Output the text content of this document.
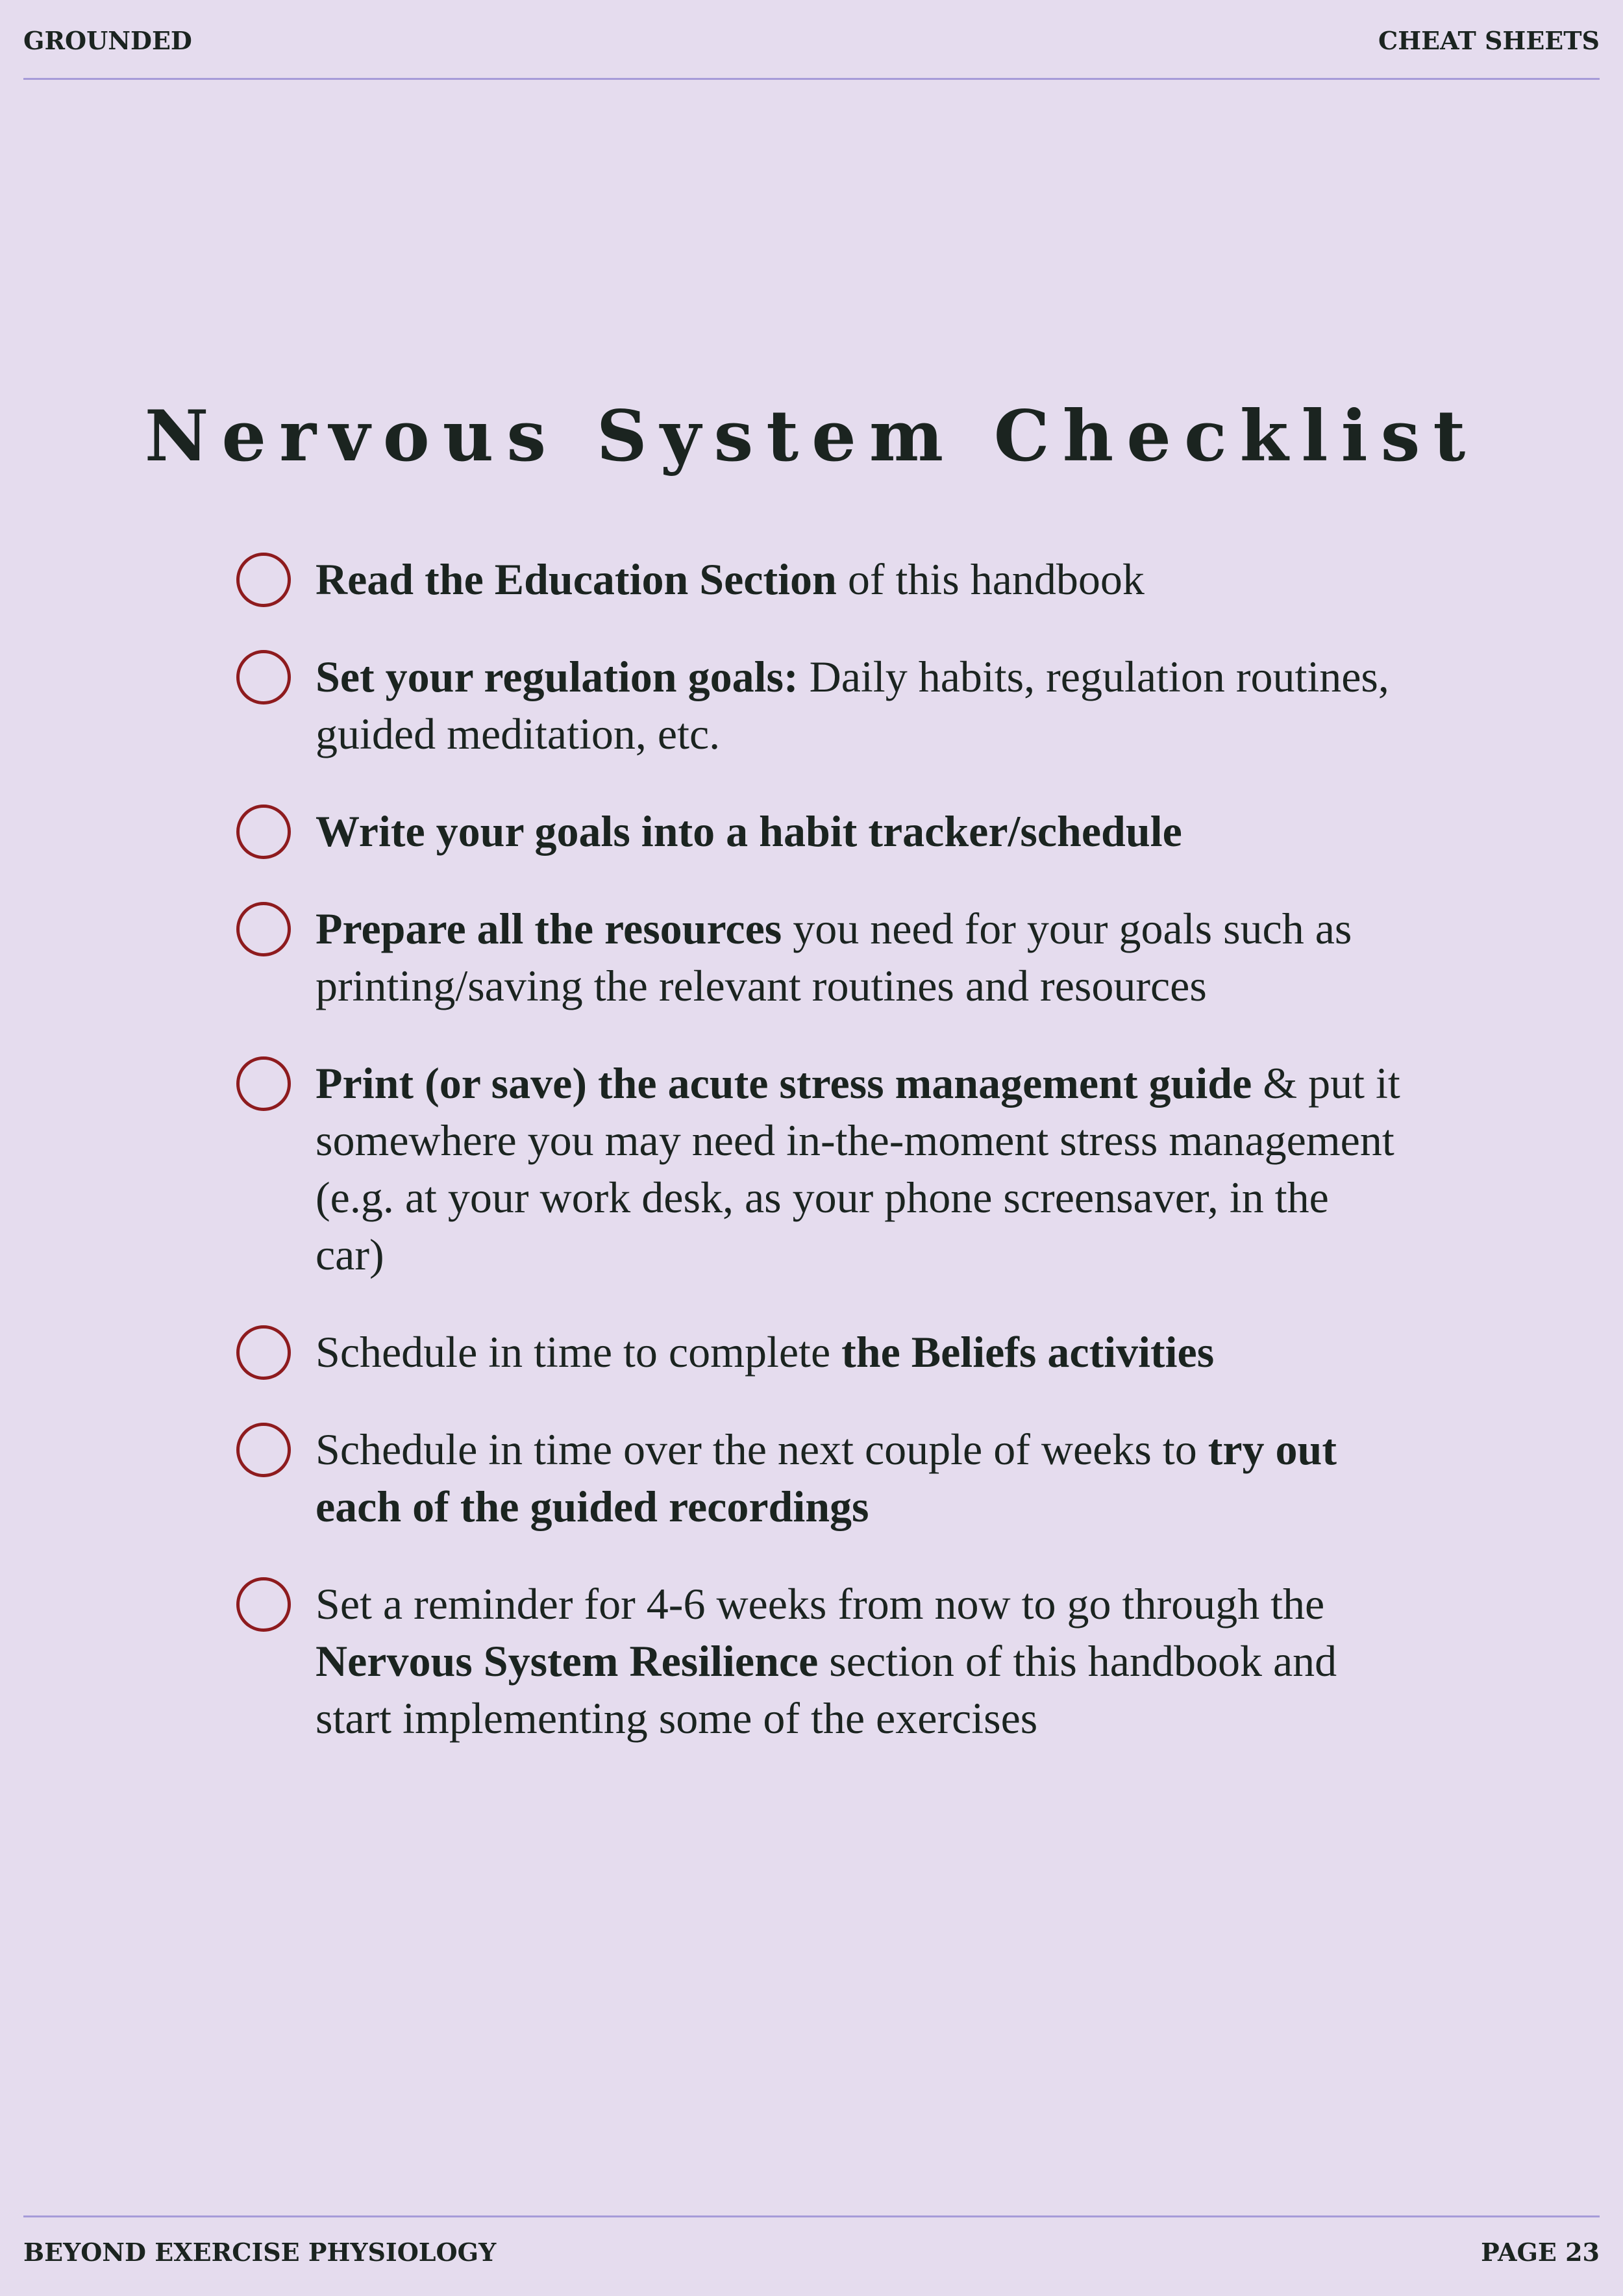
GROUNDED	CHEAT SHEETS
Nervous System Checklist
Read the Education Section of this handbook
Set your regulation goals: Daily habits, regulation routines, guided meditation, etc.
Write your goals into a habit tracker/schedule
Prepare all the resources you need for your goals such as printing/saving the relevant routines and resources
Print (or save) the acute stress management guide & put it somewhere you may need in-the-moment stress management (e.g. at your work desk, as your phone screensaver, in the car)
Schedule in time to complete the Beliefs activities
Schedule in time over the next couple of weeks to try out each of the guided recordings
Set a reminder for 4-6 weeks from now to go through the Nervous System Resilience section of this handbook and start implementing some of the exercises
BEYOND EXERCISE PHYSIOLOGY	PAGE 23
